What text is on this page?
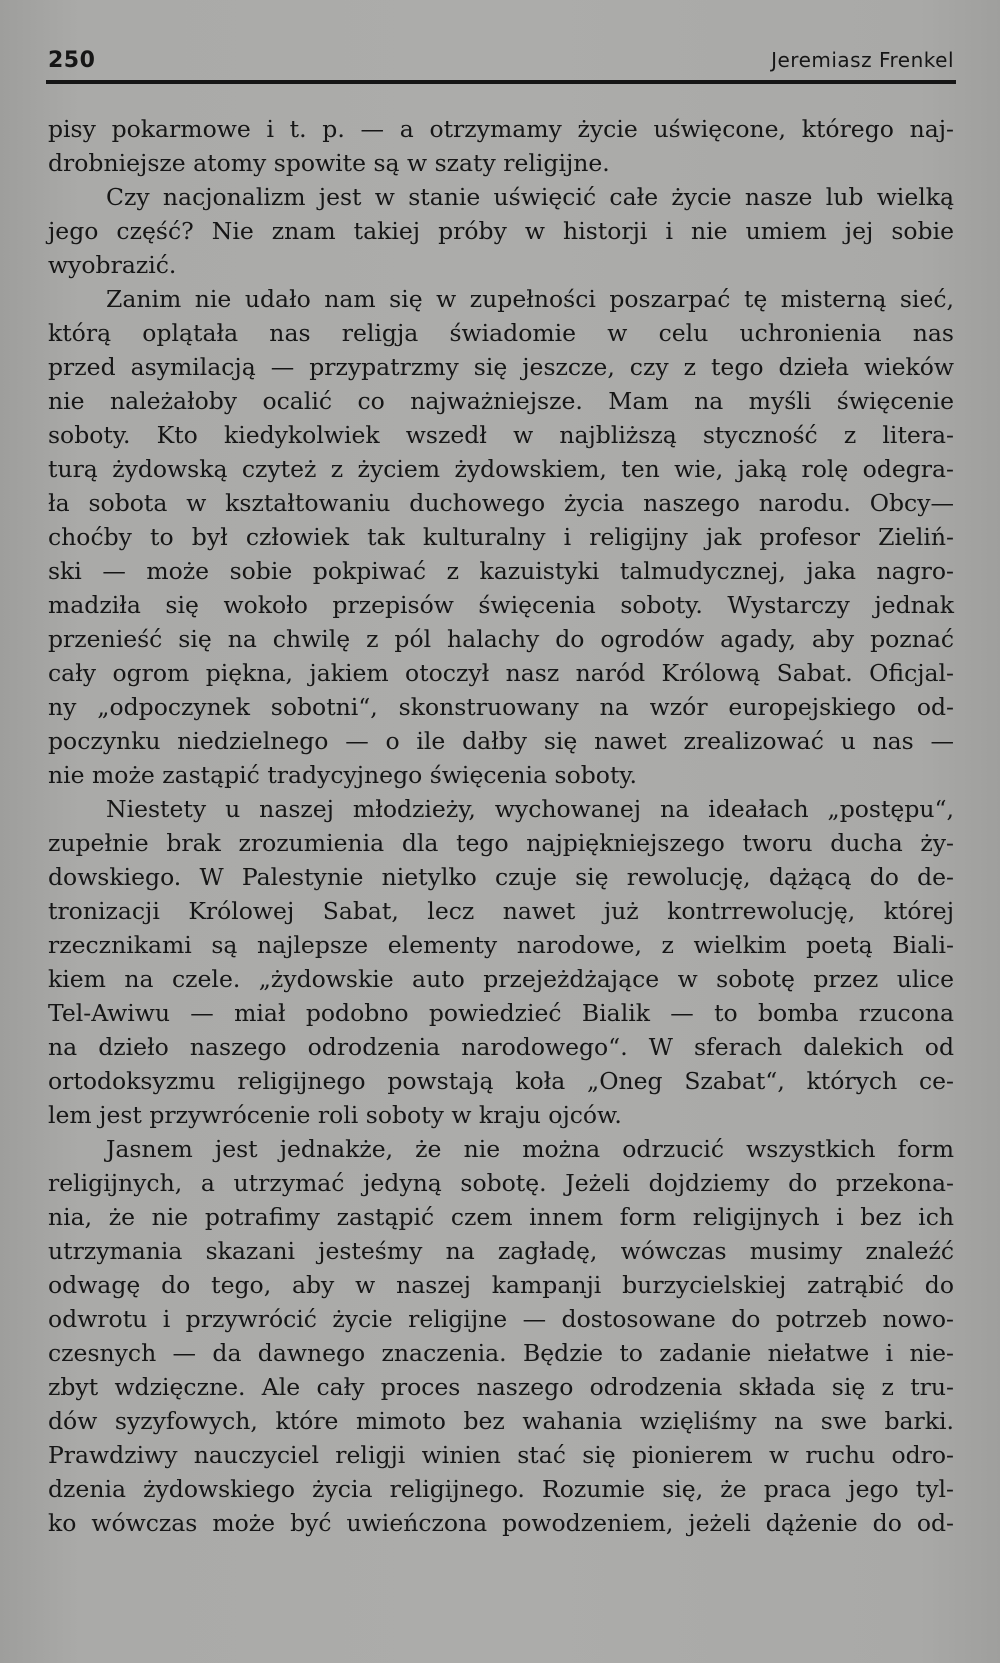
250	Jeremiasz Frenkel
pisy pokarmowe i t. p. — a otrzymamy życie uświęcone, którego naj-
drobniejsze atomy spowite są w szaty religijne.
Czy nacjonalizm jest w stanie uświęcić całe życie nasze lub wielką
jego część? Nie znam takiej próby w historji i nie umiem jej sobie
wyobrazić.
Zanim nie udało nam się w zupełności poszarpać tę misterną sieć,
którą oplątała nas religja świadomie w celu uchronienia nas
przed asymilacją — przypatrzmy się jeszcze, czy z tego dzieła wieków
nie należałoby ocalić co najważniejsze. Mam na myśli święcenie
soboty. Kto kiedykolwiek wszedł w najbliższą styczność z litera-
turą żydowską czyteż z życiem żydowskiem, ten wie, jaką rolę odegra-
ła sobota w kształtowaniu duchowego życia naszego narodu. Obcy—
choćby to był człowiek tak kulturalny i religijny jak profesor Zieliń-
ski — może sobie pokpiwać z kazuistyki talmudycznej, jaka nagro-
madziła się wokoło przepisów święcenia soboty. Wystarczy jednak
przenieść się na chwilę z pól halachy do ogrodów agady, aby poznać
cały ogrom piękna, jakiem otoczył nasz naród Królową Sabat. Oficjal-
ny „odpoczynek sobotni“, skonstruowany na wzór europejskiego od-
poczynku niedzielnego — o ile dałby się nawet zrealizować u nas —
nie może zastąpić tradycyjnego święcenia soboty.
Niestety u naszej młodzieży, wychowanej na ideałach „postępu“,
zupełnie brak zrozumienia dla tego najpiękniejszego tworu ducha ży-
dowskiego. W Palestynie nietylko czuje się rewolucję, dążącą do de-
tronizacji Królowej Sabat, lecz nawet już kontrrewolucję, której
rzecznikami są najlepsze elementy narodowe, z wielkim poetą Biali-
kiem na czele. „żydowskie auto przejeżdżające w sobotę przez ulice
Tel-Awiwu — miał podobno powiedzieć Bialik — to bomba rzucona
na dzieło naszego odrodzenia narodowego“. W sferach dalekich od
ortodoksyzmu religijnego powstają koła „Oneg Szabat“, których ce-
lem jest przywrócenie roli soboty w kraju ojców.
Jasnem jest jednakże, że nie można odrzucić wszystkich form
religijnych, a utrzymać jedyną sobotę. Jeżeli dojdziemy do przekona-
nia, że nie potrafimy zastąpić czem innem form religijnych i bez ich
utrzymania skazani jesteśmy na zagładę, wówczas musimy znaleźć
odwagę do tego, aby w naszej kampanji burzycielskiej zatrąbić do
odwrotu i przywrócić życie religijne — dostosowane do potrzeb nowo-
czesnych — da dawnego znaczenia. Będzie to zadanie niełatwe i nie-
zbyt wdzięczne. Ale cały proces naszego odrodzenia składa się z tru-
dów syzyfowych, które mimoto bez wahania wzięliśmy na swe barki.
Prawdziwy nauczyciel religji winien stać się pionierem w ruchu odro-
dzenia żydowskiego życia religijnego. Rozumie się, że praca jego tyl-
ko wówczas może być uwieńczona powodzeniem, jeżeli dążenie do od-
